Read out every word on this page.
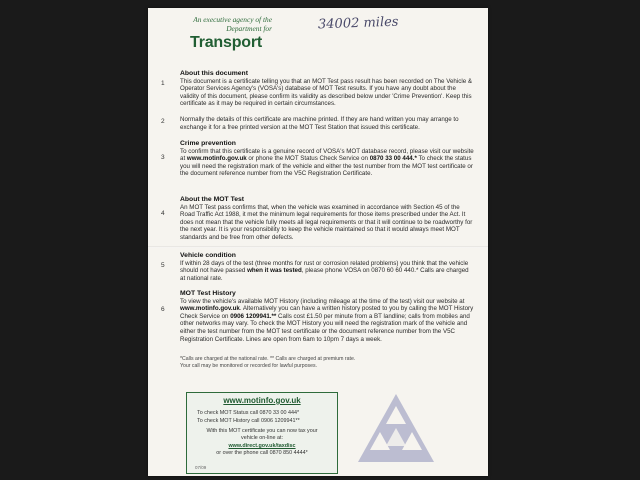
An executive agency of the
Department for
Transport
34002 miles
1
About this document
This document is a certificate telling you that an MOT Test pass result has been recorded on The Vehicle & Operator Services Agency's (VOSA's) database of MOT Test results. If you have any doubt about the validity of this document, please confirm its validity as described below under 'Crime Prevention'. Keep this certificate as it may be required in certain circumstances.
2	Normally the details of this certificate are machine printed. If they are hand written you may arrange to exchange it for a free printed version at the MOT Test Station that issued this certificate.
3
Crime prevention
To confirm that this certificate is a genuine record of VOSA's MOT database record, please visit our website at www.motinfo.gov.uk or phone the MOT Status Check Service on 0870 33 00 444.* To check the status you will need the registration mark of the vehicle and either the test number from the MOT test certificate or the document reference number from the V5C Registration Certificate.
4
About the MOT Test
An MOT Test pass confirms that, when the vehicle was examined in accordance with Section 45 of the Road Traffic Act 1988, it met the minimum legal requirements for those items prescribed under the Act. It does not mean that the vehicle fully meets all legal requirements or that it will continue to be roadworthy for the next year. It is your responsibility to keep the vehicle maintained so that it would always meet MOT standards and be free from other defects.
5
Vehicle condition
If within 28 days of the test (three months for rust or corrosion related problems) you think that the vehicle should not have passed when it was tested, please phone VOSA on 0870 60 60 440.* Calls are charged at national rate.
6
MOT Test History
To view the vehicle's available MOT History (including mileage at the time of the test) visit our website at www.motinfo.gov.uk. Alternatively you can have a written history posted to you by calling the MOT History Check Service on 0906 1209941.** Calls cost £1.50 per minute from a BT landline; calls from mobiles and other networks may vary. To check the MOT History you will need the registration mark of the vehicle and either the test number from the MOT test certificate or the document reference number from the V5C Registration Certificate. Lines are open from 6am to 10pm 7 days a week.
*Calls are charged at the national rate. ** Calls are charged at premium rate.
Your call may be monitored or recorded for lawful purposes.
www.motinfo.gov.uk
To check MOT Status call 0870 33 00 444*
To check MOT History call 0906 1209941**
With this MOT certificate you can now tax your
vehicle on-line at:
www.direct.gov.uk/taxdisc
or over the phone call 0870 850 4444*
07/09
